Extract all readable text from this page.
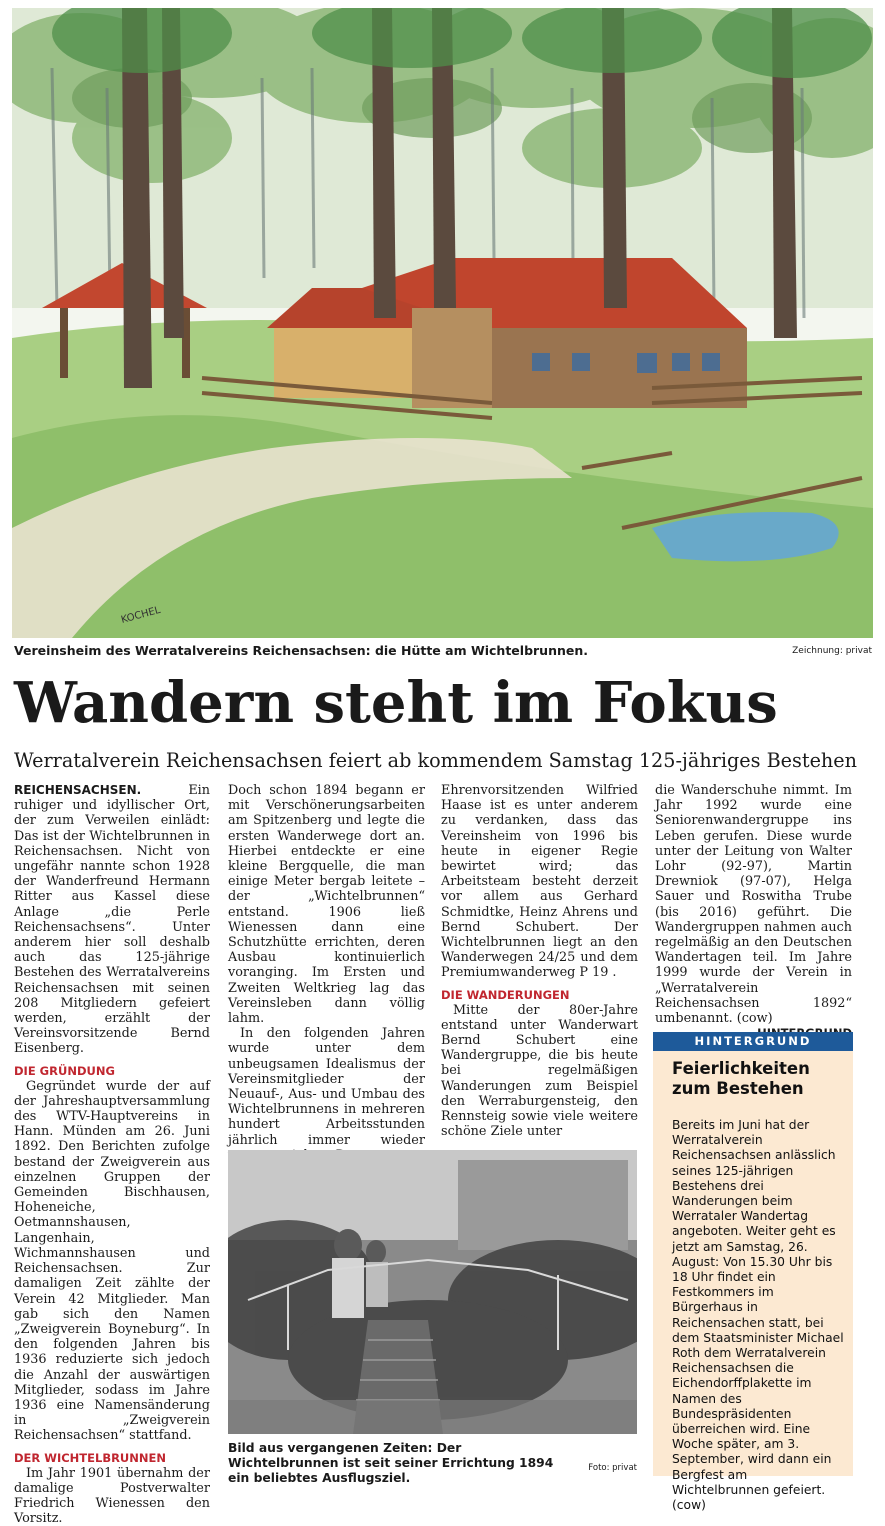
KOCHEL
Vereinsheim des Werratalvereins Reichensachsen: die Hütte am Wichtelbrunnen.	Zeichnung: privat
Wandern steht im Fokus
Werratalverein Reichensachsen feiert ab kommendem Samstag 125-jähriges Bestehen

REICHENSACHSEN. Ein ruhiger und idyllischer Ort, der zum Verweilen einlädt: Das ist der Wichtelbrunnen in Reichensachsen. Nicht von ungefähr nannte schon 1928 der Wanderfreund Hermann Ritter aus Kassel diese Anlage „die Perle Reichensachsens“. Unter anderem hier soll deshalb auch das 125-jährige Bestehen des Werratalvereins Reichensachsen mit seinen 208 Mitgliedern gefeiert werden, erzählt der Vereinsvorsitzende Bernd Eisenberg.

DIE GRÜNDUNG

Gegründet wurde der auf der Jahreshauptversammlung des WTV-Hauptvereins in Hann. Münden am 26. Juni 1892. Den Berichten zufolge bestand der Zweigverein aus einzelnen Gruppen der Gemeinden Bischhausen, Hoheneiche, Oetmannshausen, Langenhain, Wichmannshausen und Reichensachsen. Zur damaligen Zeit zählte der Verein 42 Mitglieder. Man gab sich den Namen „Zweigverein Boyneburg“. In den folgenden Jahren bis 1936 reduzierte sich jedoch die Anzahl der auswärtigen Mitglieder, sodass im Jahre 1936 eine Namensänderung in „Zweigverein Reichensachsen“ stattfand.

DER WICHTELBRUNNEN

Im Jahr 1901 übernahm der damalige Postverwalter Friedrich Wienessen den Vorsitz.

Doch schon 1894 begann er mit Verschönerungsarbeiten am Spitzenberg und legte die ersten Wanderwege dort an. Hierbei entdeckte er eine kleine Bergquelle, die man einige Meter bergab leitete – der „Wichtelbrunnen“ entstand. 1906 ließ Wienessen dann eine Schutzhütte errichten, deren Ausbau kontinuierlich voranging. Im Ersten und Zweiten Weltkrieg lag das Vereinsleben dann völlig lahm.

In den folgenden Jahren wurde unter dem unbeugsamen Idealismus der Vereinsmitglieder der Neuauf-, Aus- und Umbau des Wichtelbrunnens in mehreren hundert Arbeitsstunden jährlich immer wieder

Ehrenvorsitzenden Wilfried Haase ist es unter anderem zu verdanken, dass das Vereinsheim von 1996 bis heute in eigener Regie bewirtet wird; das Arbeitsteam besteht derzeit vor allem aus Gerhard Schmidtke, Heinz Ahrens und Bernd Schubert. Der Wichtelbrunnen liegt an den Wanderwegen 24/25 und dem Premiumwanderweg P 19 .

DIE WANDERUNGEN

Mitte der 80er-Jahre entstand unter Wanderwart Bernd Schubert eine Wandergruppe, die bis heute bei regelmäßigen Wanderungen zum Beispiel den Werraburgensteig, den Rennsteig sowie viele weitere schöne Ziele unter

die Wanderschuhe nimmt. Im Jahr 1992 wurde eine Seniorenwandergruppe ins Leben gerufen. Diese wurde unter der Leitung von Walter Lohr (92-97), Martin Drewniok (97-07), Helga Sauer und Roswitha Trube (bis 2016) geführt. Die Wandergruppen nahmen auch regelmäßig an den Deutschen Wandertagen teil. Im Jahre 1999 wurde der Verein in „Werratalverein Reichensachsen 1892“ umbenannt. (cow)

Bild aus vergangenen Zeiten: Der Wichtelbrunnen ist seit seiner Errichtung 1894 ein beliebtes Ausflugsziel.
Foto: privat
HINTERGRUND
Feierlichkeiten zum Bestehen
Bereits im Juni hat der Werratalverein Reichensachsen anlässlich seines 125-jährigen Bestehens drei Wanderungen beim Werrataler Wandertag angeboten. Weiter geht es jetzt am Samstag, 26. August: Von 15.30 Uhr bis 18 Uhr findet ein Festkommers im Bürgerhaus in Reichensachen statt, bei dem Staatsminister Michael Roth dem Werratalverein Reichensachsen die Eichendorffplakette im Namen des Bundespräsidenten überreichen wird. Eine Woche später, am 3. September, wird dann ein Bergfest am Wichtelbrunnen gefeiert. (cow)
